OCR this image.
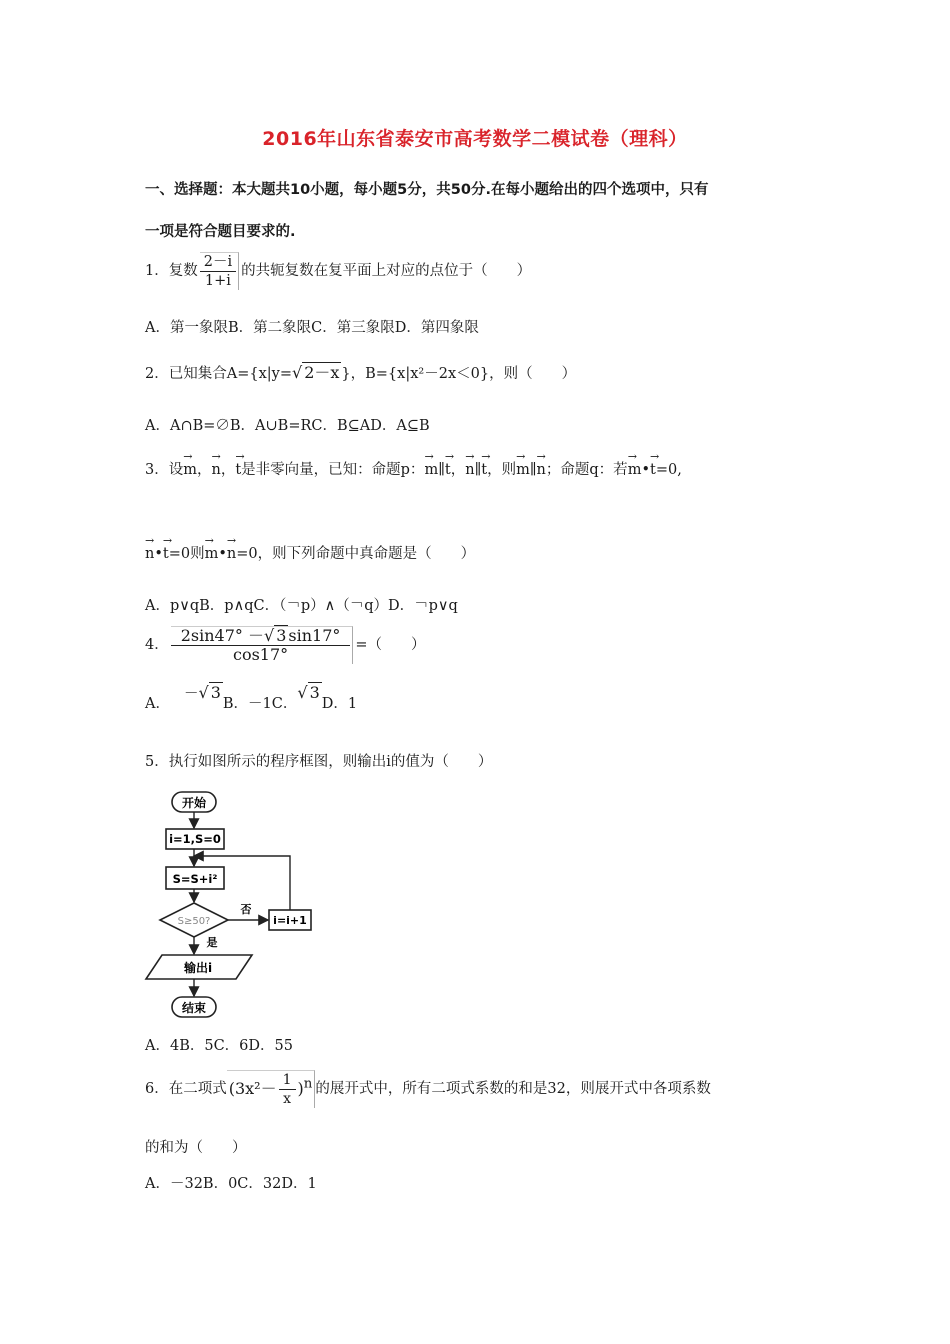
2016年山东省泰安市高考数学二模试卷（理科）
一、选择题：本大题共10小题，每小题5分，共50分.在每小题给出的四个选项中，只有
一项是符合题目要求的.
1．复数 $\frac{2-i}{1+i}$ 的共轭复数在复平面上对应的点位于（　　）
A．第一象限B．第二象限C．第三象限D．第四象限
2．已知集合A={x|y=√ 2－x }，B={x|x²－2x＜0}，则（　　）
A．A∩B=∅B．A∪B=RC．B⊆AD．A⊆B
3．设→ m，→ n，→ t是非零向量，已知：命题p：→ m∥→ t，→ n∥→ t，则→ m∥→ n；命题q：若→ m•→ t=0,
→ n•→ t=0则→ m•→ n=0，则下列命题中真命题是（　　）
A．p∨qB．p∧qC．（￢p）∧（￢q）D．￢p∨q
4． $\frac{2\sin 47^\circ -√ 3 \sin 17^\circ}{\cos 17^\circ}$ =（　　）
A．－√ 3B．－1C．√ 3D．1
5．执行如图所示的程序框图，则输出i的值为（　　）
开始
i=1,S=0
S=S+i²
S≥50?
否
i=i+1
是
输出i
结束
A．4B．5C．6D．55
6．在二项式 $(3x^2- \frac{1}{x} )^n$ 的展开式中，所有二项式系数的和是32，则展开式中各项系数
的和为（　　）
A．－32B．0C．32D．1
